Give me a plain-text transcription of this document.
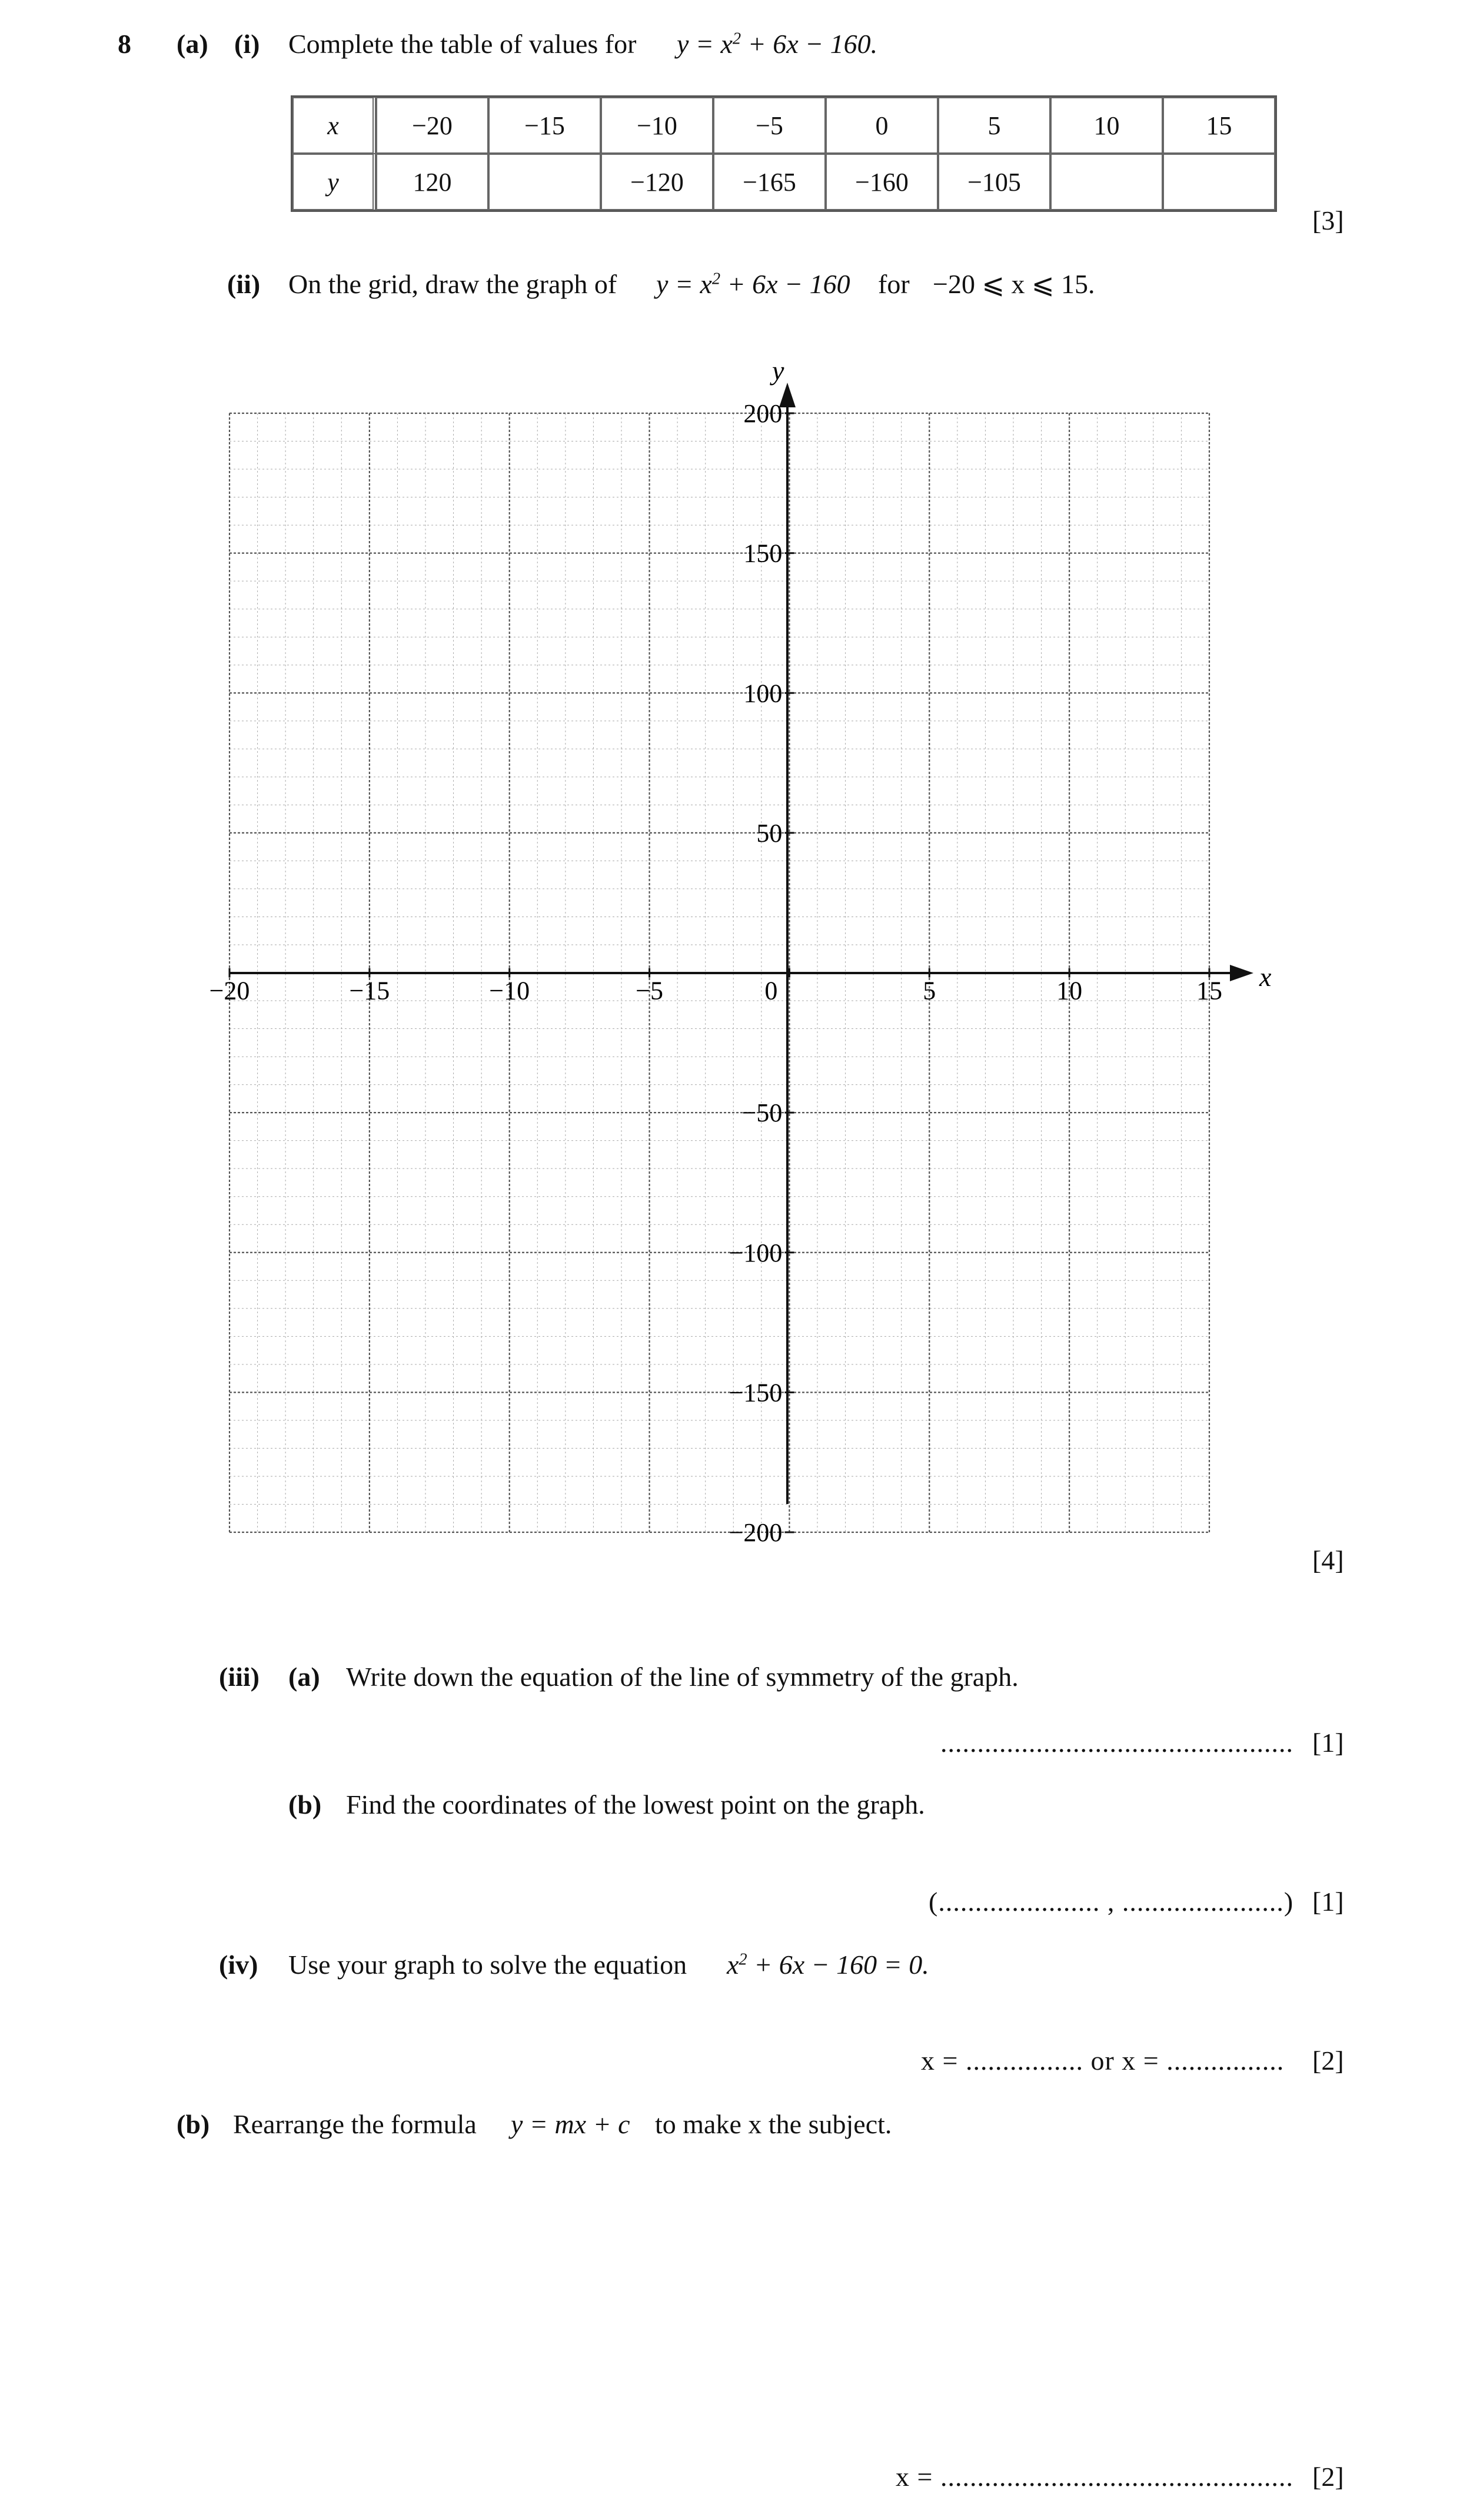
8 (a) (i) Complete the table of values for $y = x^2 + 6x - 160$.
x	−20	−15	−10	−5	0	5	10	15
y	120		−120	−165	−160	−105		
[3]
(ii) On the grid, draw the graph of $y = x^2 + 6x - 160$ for −20 ⩽ x ⩽ 15.
−20	−15	−10	−5	0	5	10	15
200
150
100
50
−50
−100
−150
−200
x
y
[4]
(iii) (a) Write down the equation of the line of symmetry of the graph.
................................................ [1]
(b) Find the coordinates of the lowest point on the graph.
(...................... , ......................) [1]
(iv) Use your graph to solve the equation $x^2 + 6x - 160 = 0$.
x = ................ or x = ................ [2]
(b) Rearrange the formula y = mx + c to make x the subject.
x = ................................................ [2]
